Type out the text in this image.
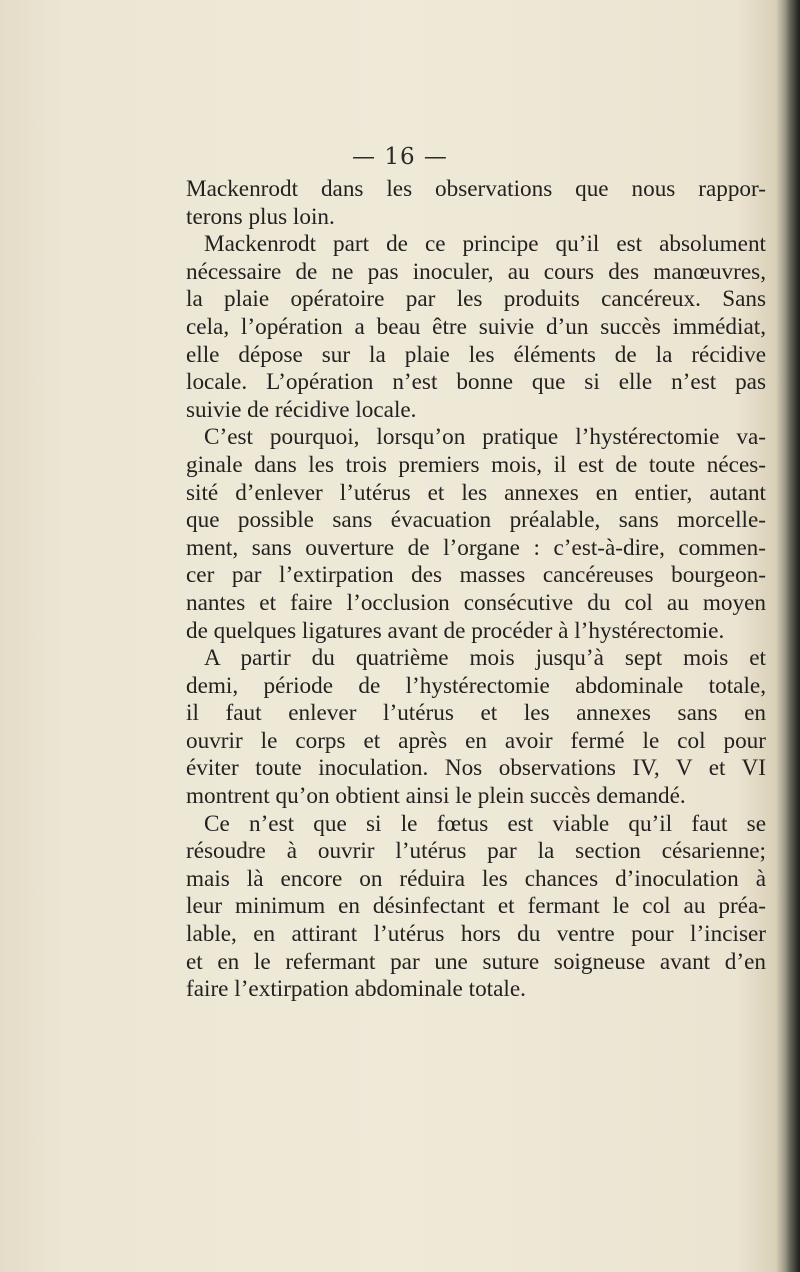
— 16 —
Mackenrodt dans les observations que nous rappor-
terons plus loin.
Mackenrodt part de ce principe qu’il est absolument
nécessaire de ne pas inoculer, au cours des manœuvres,
la plaie opératoire par les produits cancéreux. Sans
cela, l’opération a beau être suivie d’un succès immédiat,
elle dépose sur la plaie les éléments de la récidive
locale. L’opération n’est bonne que si elle n’est pas
suivie de récidive locale.
C’est pourquoi, lorsqu’on pratique l’hystérectomie va-
ginale dans les trois premiers mois, il est de toute néces-
sité d’enlever l’utérus et les annexes en entier, autant
que possible sans évacuation préalable, sans morcelle-
ment, sans ouverture de l’organe : c’est-à-dire, commen-
cer par l’extirpation des masses cancéreuses bourgeon-
nantes et faire l’occlusion consécutive du col au moyen
de quelques ligatures avant de procéder à l’hystérectomie.
A partir du quatrième mois jusqu’à sept mois et
demi, période de l’hystérectomie abdominale totale,
il faut enlever l’utérus et les annexes sans en
ouvrir le corps et après en avoir fermé le col pour
éviter toute inoculation. Nos observations IV, V et VI
montrent qu’on obtient ainsi le plein succès demandé.
Ce n’est que si le fœtus est viable qu’il faut se
résoudre à ouvrir l’utérus par la section césarienne;
mais là encore on réduira les chances d’inoculation à
leur minimum en désinfectant et fermant le col au préa-
lable, en attirant l’utérus hors du ventre pour l’inciser
et en le refermant par une suture soigneuse avant d’en
faire l’extirpation abdominale totale.
